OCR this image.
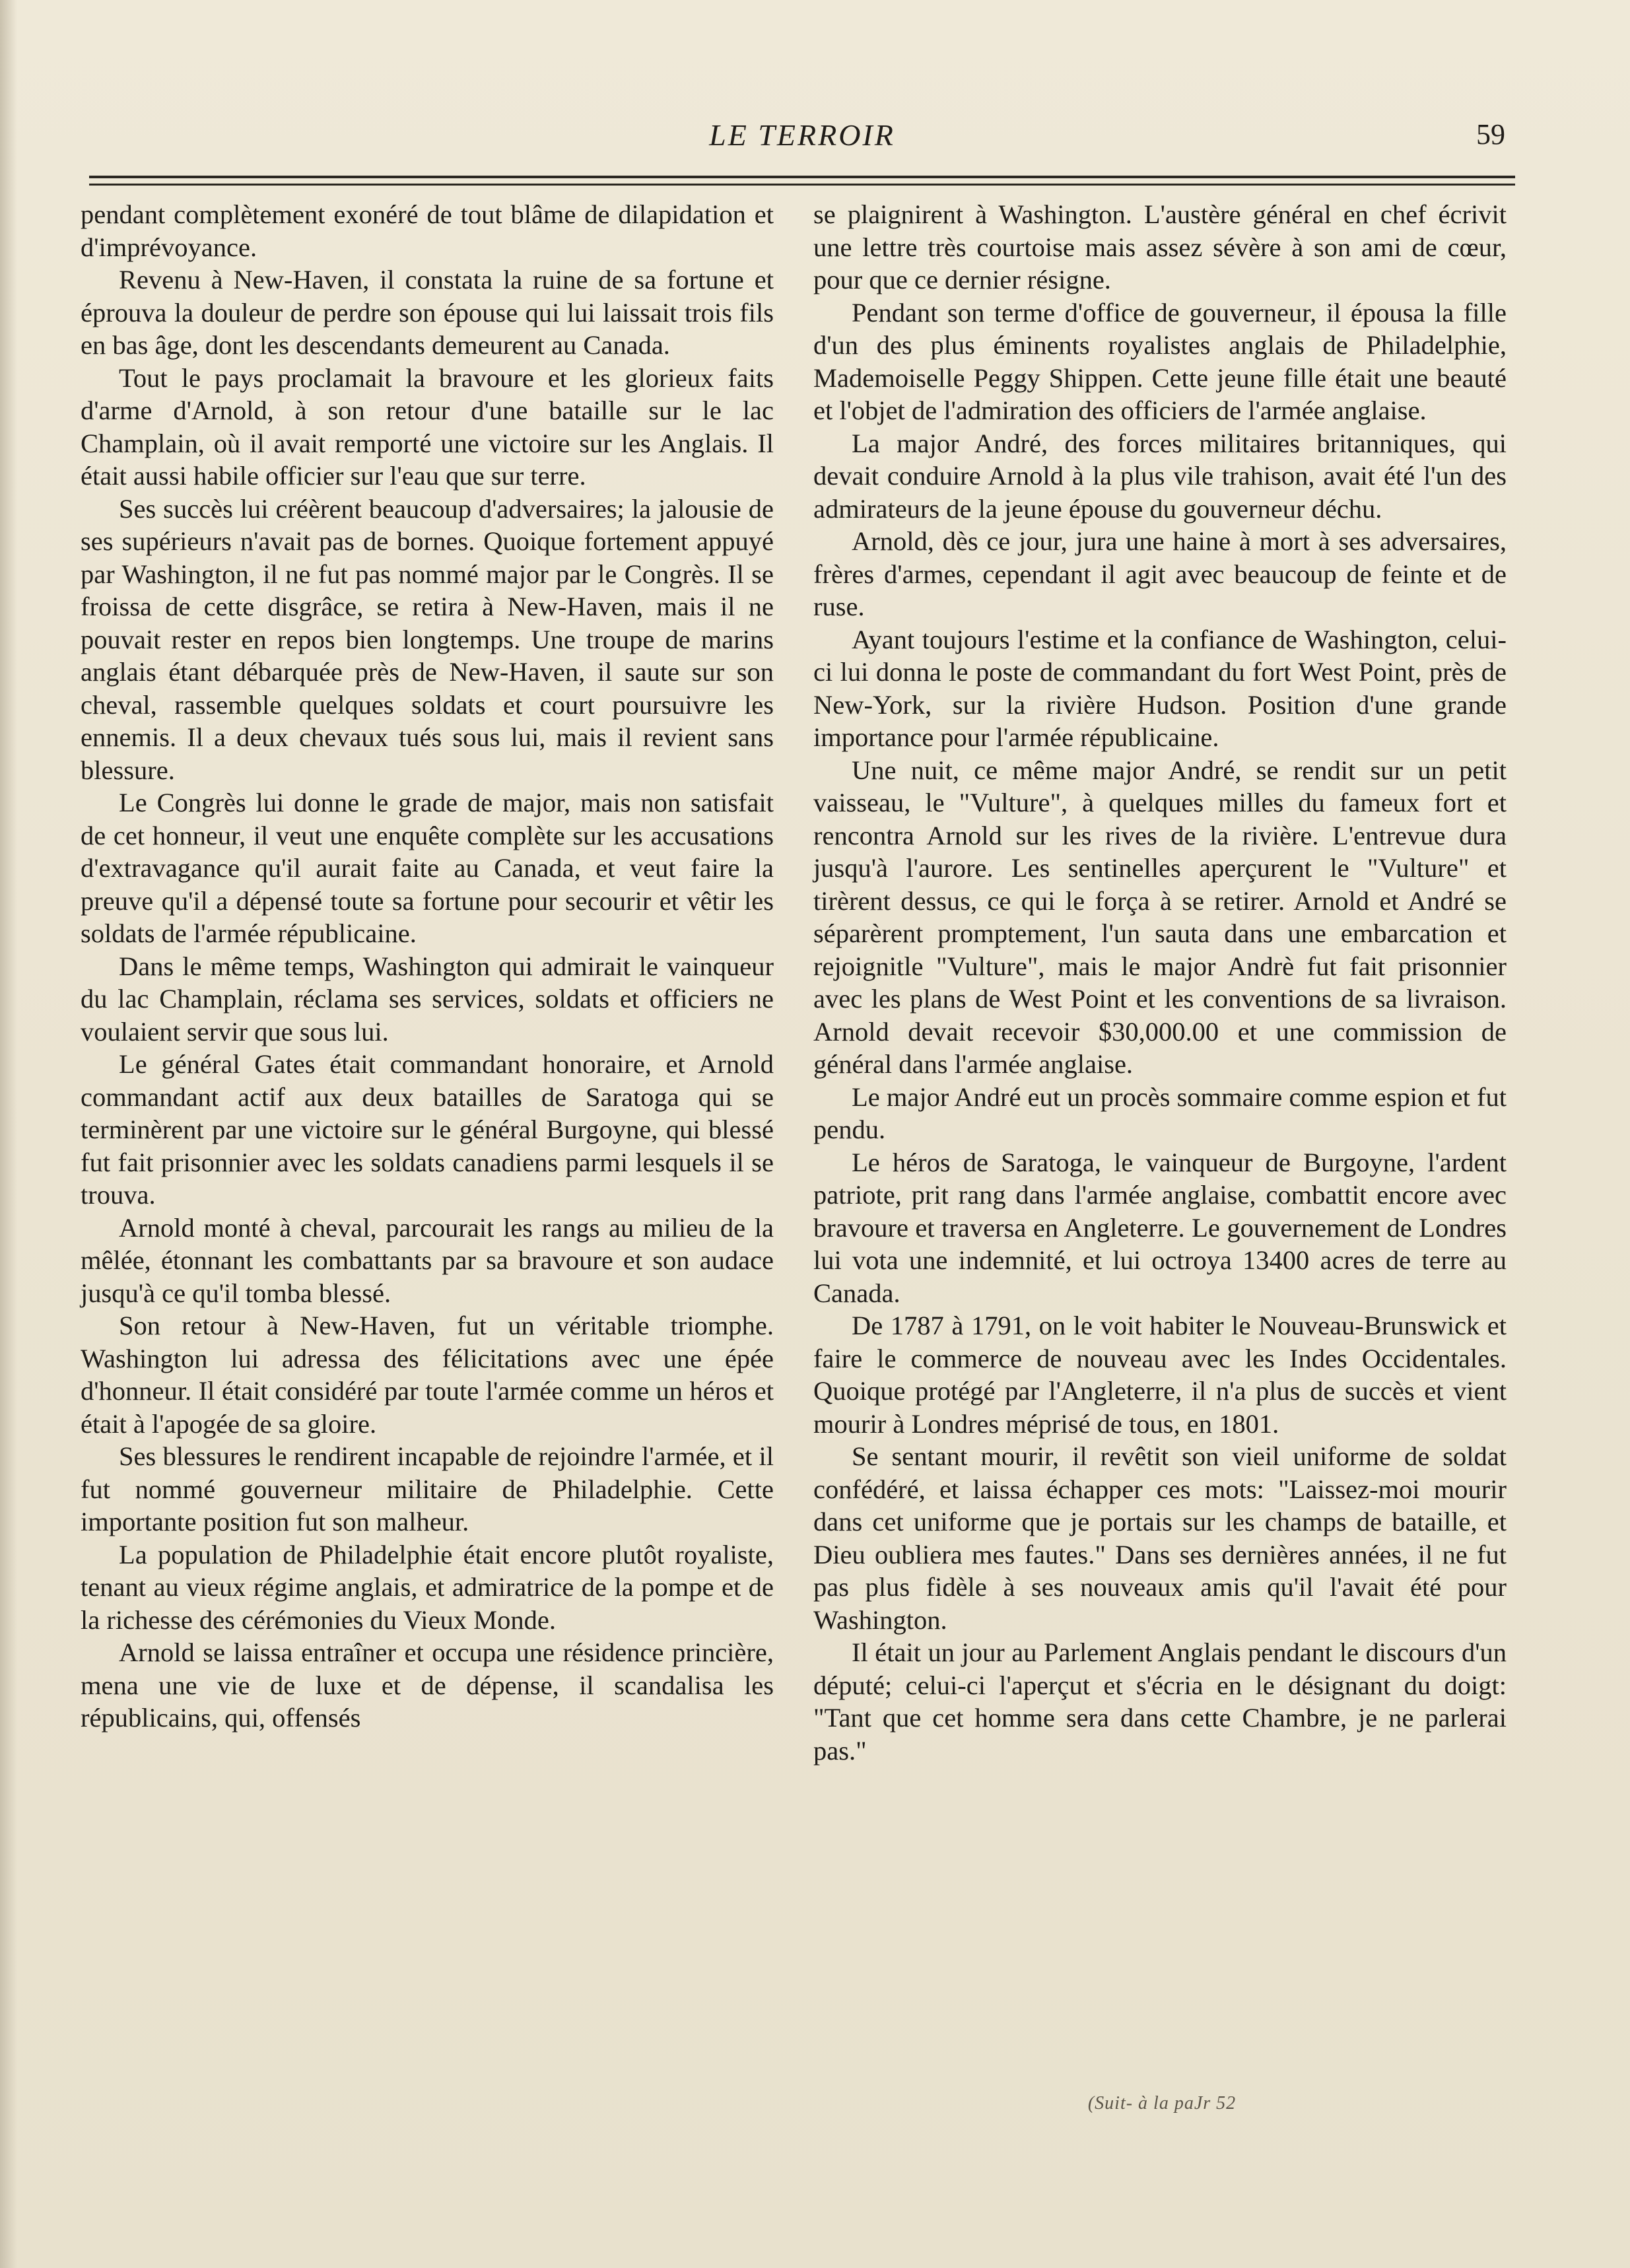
LE TERROIR	59

pendant complètement exonéré de tout blâme de dilapidation et d'imprévoyance.

Revenu à New-Haven, il constata la ruine de sa fortune et éprouva la douleur de perdre son épouse qui lui laissait trois fils en bas âge, dont les descendants demeurent au Canada.

Tout le pays proclamait la bravoure et les glorieux faits d'arme d'Arnold, à son retour d'une bataille sur le lac Champlain, où il avait remporté une victoire sur les Anglais. Il était aussi habile officier sur l'eau que sur terre.

Ses succès lui créèrent beaucoup d'adversaires; la jalousie de ses supérieurs n'avait pas de bornes. Quoique fortement appuyé par Washington, il ne fut pas nommé major par le Congrès. Il se froissa de cette disgrâce, se retira à New-Haven, mais il ne pouvait rester en repos bien longtemps. Une troupe de marins anglais étant débarquée près de New-Haven, il saute sur son cheval, rassemble quelques soldats et court poursuivre les ennemis. Il a deux chevaux tués sous lui, mais il revient sans blessure.

Le Congrès lui donne le grade de major, mais non satisfait de cet honneur, il veut une enquête complète sur les accusations d'extravagance qu'il aurait faite au Canada, et veut faire la preuve qu'il a dépensé toute sa fortune pour secourir et vêtir les soldats de l'armée républicaine.

Dans le même temps, Washington qui admirait le vainqueur du lac Champlain, réclama ses services, soldats et officiers ne voulaient servir que sous lui.

Le général Gates était commandant honoraire, et Arnold commandant actif aux deux batailles de Saratoga qui se terminèrent par une victoire sur le général Burgoyne, qui blessé fut fait prisonnier avec les soldats canadiens parmi lesquels il se trouva.

Arnold monté à cheval, parcourait les rangs au milieu de la mêlée, étonnant les combattants par sa bravoure et son audace jusqu'à ce qu'il tomba blessé.

Son retour à New-Haven, fut un véritable triomphe. Washington lui adressa des félicitations avec une épée d'honneur. Il était considéré par toute l'armée comme un héros et était à l'apogée de sa gloire.

Ses blessures le rendirent incapable de rejoindre l'armée, et il fut nommé gouverneur militaire de Philadelphie. Cette importante position fut son malheur.

La population de Philadelphie était encore plutôt royaliste, tenant au vieux régime anglais, et admiratrice de la pompe et de la richesse des cérémonies du Vieux Monde.

Arnold se laissa entraîner et occupa une résidence princière, mena une vie de luxe et de dépense, il scandalisa les républicains, qui, offensés

se plaignirent à Washington. L'austère général en chef écrivit une lettre très courtoise mais assez sévère à son ami de cœur, pour que ce dernier résigne.

Pendant son terme d'office de gouverneur, il épousa la fille d'un des plus éminents royalistes anglais de Philadelphie, Mademoiselle Peggy Shippen. Cette jeune fille était une beauté et l'objet de l'admiration des officiers de l'armée anglaise.

La major André, des forces militaires britanniques, qui devait conduire Arnold à la plus vile trahison, avait été l'un des admirateurs de la jeune épouse du gouverneur déchu.

Arnold, dès ce jour, jura une haine à mort à ses adversaires, frères d'armes, cependant il agit avec beaucoup de feinte et de ruse.

Ayant toujours l'estime et la confiance de Washington, celui-ci lui donna le poste de commandant du fort West Point, près de New-York, sur la rivière Hudson. Position d'une grande importance pour l'armée républicaine.

Une nuit, ce même major André, se rendit sur un petit vaisseau, le "Vulture", à quelques milles du fameux fort et rencontra Arnold sur les rives de la rivière. L'entrevue dura jusqu'à l'aurore. Les sentinelles aperçurent le "Vulture" et tirèrent dessus, ce qui le força à se retirer. Arnold et André se séparèrent promptement, l'un sauta dans une embarcation et rejoignitle "Vulture", mais le major Andrè fut fait prisonnier avec les plans de West Point et les conventions de sa livraison. Arnold devait recevoir $30,000.00 et une commission de général dans l'armée anglaise.

Le major André eut un procès sommaire comme espion et fut pendu.

Le héros de Saratoga, le vainqueur de Burgoyne, l'ardent patriote, prit rang dans l'armée anglaise, combattit encore avec bravoure et traversa en Angleterre. Le gouvernement de Londres lui vota une indemnité, et lui octroya 13400 acres de terre au Canada.

De 1787 à 1791, on le voit habiter le Nouveau-Brunswick et faire le commerce de nouveau avec les Indes Occidentales. Quoique protégé par l'Angleterre, il n'a plus de succès et vient mourir à Londres méprisé de tous, en 1801.

Se sentant mourir, il revêtit son vieil uniforme de soldat confédéré, et laissa échapper ces mots: "Laissez-moi mourir dans cet uniforme que je portais sur les champs de bataille, et Dieu oubliera mes fautes." Dans ses dernières années, il ne fut pas plus fidèle à ses nouveaux amis qu'il l'avait été pour Washington.

Il était un jour au Parlement Anglais pendant le discours d'un député; celui-ci l'aperçut et s'écria en le désignant du doigt: "Tant que cet homme sera dans cette Chambre, je ne parlerai pas."

(Suit- à la paJr 52
